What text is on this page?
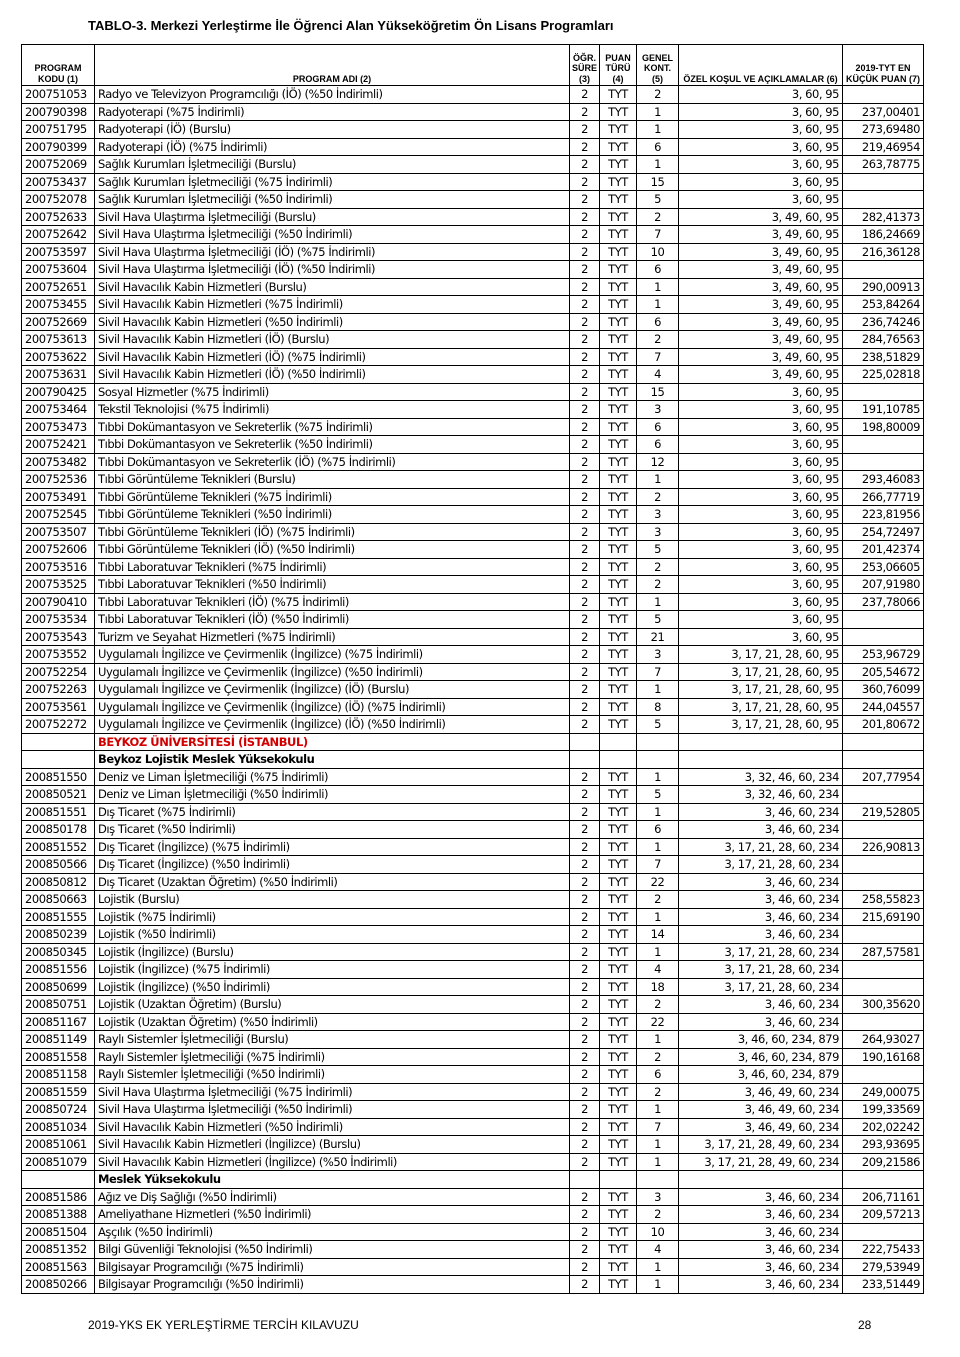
TABLO-3. Merkezi Yerleştirme İle Öğrenci Alan Yükseköğretim Ön Lisans Programları
PROGRAM KODU (1)	PROGRAM ADI (2)	ÖĞR. SÜRE (3)	PUAN TÜRÜ (4)	GENEL KONT. (5)	ÖZEL KOŞUL VE AÇIKLAMALAR (6)	2019-TYT EN KÜÇÜK PUAN (7)
200751053	Radyo ve Televizyon Programcılığı (İÖ) (%50 İndirimli)	2	TYT	2	3, 60, 95	
200790398	Radyoterapi (%75 İndirimli)	2	TYT	1	3, 60, 95	237,00401
200751795	Radyoterapi (İÖ) (Burslu)	2	TYT	1	3, 60, 95	273,69480
200790399	Radyoterapi (İÖ) (%75 İndirimli)	2	TYT	6	3, 60, 95	219,46954
200752069	Sağlık Kurumları İşletmeciliği (Burslu)	2	TYT	1	3, 60, 95	263,78775
200753437	Sağlık Kurumları İşletmeciliği (%75 İndirimli)	2	TYT	15	3, 60, 95	
200752078	Sağlık Kurumları İşletmeciliği (%50 İndirimli)	2	TYT	5	3, 60, 95	
200752633	Sivil Hava Ulaştırma İşletmeciliği (Burslu)	2	TYT	2	3, 49, 60, 95	282,41373
200752642	Sivil Hava Ulaştırma İşletmeciliği (%50 İndirimli)	2	TYT	7	3, 49, 60, 95	186,24669
200753597	Sivil Hava Ulaştırma İşletmeciliği (İÖ) (%75 İndirimli)	2	TYT	10	3, 49, 60, 95	216,36128
200753604	Sivil Hava Ulaştırma İşletmeciliği (İÖ) (%50 İndirimli)	2	TYT	6	3, 49, 60, 95	
200752651	Sivil Havacılık Kabin Hizmetleri (Burslu)	2	TYT	1	3, 49, 60, 95	290,00913
200753455	Sivil Havacılık Kabin Hizmetleri (%75 İndirimli)	2	TYT	1	3, 49, 60, 95	253,84264
200752669	Sivil Havacılık Kabin Hizmetleri (%50 İndirimli)	2	TYT	6	3, 49, 60, 95	236,74246
200753613	Sivil Havacılık Kabin Hizmetleri (İÖ) (Burslu)	2	TYT	2	3, 49, 60, 95	284,76563
200753622	Sivil Havacılık Kabin Hizmetleri (İÖ) (%75 İndirimli)	2	TYT	7	3, 49, 60, 95	238,51829
200753631	Sivil Havacılık Kabin Hizmetleri (İÖ) (%50 İndirimli)	2	TYT	4	3, 49, 60, 95	225,02818
200790425	Sosyal Hizmetler (%75 İndirimli)	2	TYT	15	3, 60, 95	
200753464	Tekstil Teknolojisi (%75 İndirimli)	2	TYT	3	3, 60, 95	191,10785
200753473	Tıbbi Dokümantasyon ve Sekreterlik (%75 İndirimli)	2	TYT	6	3, 60, 95	198,80009
200752421	Tıbbi Dokümantasyon ve Sekreterlik (%50 İndirimli)	2	TYT	6	3, 60, 95	
200753482	Tıbbi Dokümantasyon ve Sekreterlik (İÖ) (%75 İndirimli)	2	TYT	12	3, 60, 95	
200752536	Tıbbi Görüntüleme Teknikleri (Burslu)	2	TYT	1	3, 60, 95	293,46083
200753491	Tıbbi Görüntüleme Teknikleri (%75 İndirimli)	2	TYT	2	3, 60, 95	266,77719
200752545	Tıbbi Görüntüleme Teknikleri (%50 İndirimli)	2	TYT	3	3, 60, 95	223,81956
200753507	Tıbbi Görüntüleme Teknikleri (İÖ) (%75 İndirimli)	2	TYT	3	3, 60, 95	254,72497
200752606	Tıbbi Görüntüleme Teknikleri (İÖ) (%50 İndirimli)	2	TYT	5	3, 60, 95	201,42374
200753516	Tıbbi Laboratuvar Teknikleri (%75 İndirimli)	2	TYT	2	3, 60, 95	253,06605
200753525	Tıbbi Laboratuvar Teknikleri (%50 İndirimli)	2	TYT	2	3, 60, 95	207,91980
200790410	Tıbbi Laboratuvar Teknikleri (İÖ) (%75 İndirimli)	2	TYT	1	3, 60, 95	237,78066
200753534	Tıbbi Laboratuvar Teknikleri (İÖ) (%50 İndirimli)	2	TYT	5	3, 60, 95	
200753543	Turizm ve Seyahat Hizmetleri (%75 İndirimli)	2	TYT	21	3, 60, 95	
200753552	Uygulamalı İngilizce ve Çevirmenlik (İngilizce) (%75 İndirimli)	2	TYT	3	3, 17, 21, 28, 60, 95	253,96729
200752254	Uygulamalı İngilizce ve Çevirmenlik (İngilizce) (%50 İndirimli)	2	TYT	7	3, 17, 21, 28, 60, 95	205,54672
200752263	Uygulamalı İngilizce ve Çevirmenlik (İngilizce) (İÖ) (Burslu)	2	TYT	1	3, 17, 21, 28, 60, 95	360,76099
200753561	Uygulamalı İngilizce ve Çevirmenlik (İngilizce) (İÖ) (%75 İndirimli)	2	TYT	8	3, 17, 21, 28, 60, 95	244,04557
200752272	Uygulamalı İngilizce ve Çevirmenlik (İngilizce) (İÖ) (%50 İndirimli)	2	TYT	5	3, 17, 21, 28, 60, 95	201,80672
	BEYKOZ ÜNİVERSİTESİ (İSTANBUL)					
	Beykoz Lojistik Meslek Yüksekokulu					
200851550	Deniz ve Liman İşletmeciliği (%75 İndirimli)	2	TYT	1	3, 32, 46, 60, 234	207,77954
200850521	Deniz ve Liman İşletmeciliği (%50 İndirimli)	2	TYT	5	3, 32, 46, 60, 234	
200851551	Dış Ticaret (%75 İndirimli)	2	TYT	1	3, 46, 60, 234	219,52805
200850178	Dış Ticaret (%50 İndirimli)	2	TYT	6	3, 46, 60, 234	
200851552	Dış Ticaret (İngilizce) (%75 İndirimli)	2	TYT	1	3, 17, 21, 28, 60, 234	226,90813
200850566	Dış Ticaret (İngilizce) (%50 İndirimli)	2	TYT	7	3, 17, 21, 28, 60, 234	
200850812	Dış Ticaret (Uzaktan Öğretim) (%50 İndirimli)	2	TYT	22	3, 46, 60, 234	
200850663	Lojistik (Burslu)	2	TYT	2	3, 46, 60, 234	258,55823
200851555	Lojistik (%75 İndirimli)	2	TYT	1	3, 46, 60, 234	215,69190
200850239	Lojistik (%50 İndirimli)	2	TYT	14	3, 46, 60, 234	
200850345	Lojistik (İngilizce) (Burslu)	2	TYT	1	3, 17, 21, 28, 60, 234	287,57581
200851556	Lojistik (İngilizce) (%75 İndirimli)	2	TYT	4	3, 17, 21, 28, 60, 234	
200850699	Lojistik (İngilizce) (%50 İndirimli)	2	TYT	18	3, 17, 21, 28, 60, 234	
200850751	Lojistik (Uzaktan Öğretim) (Burslu)	2	TYT	2	3, 46, 60, 234	300,35620
200851167	Lojistik (Uzaktan Öğretim) (%50 İndirimli)	2	TYT	22	3, 46, 60, 234	
200851149	Raylı Sistemler İşletmeciliği (Burslu)	2	TYT	1	3, 46, 60, 234, 879	264,93027
200851558	Raylı Sistemler İşletmeciliği (%75 İndirimli)	2	TYT	2	3, 46, 60, 234, 879	190,16168
200851158	Raylı Sistemler İşletmeciliği (%50 İndirimli)	2	TYT	6	3, 46, 60, 234, 879	
200851559	Sivil Hava Ulaştırma İşletmeciliği (%75 İndirimli)	2	TYT	2	3, 46, 49, 60, 234	249,00075
200850724	Sivil Hava Ulaştırma İşletmeciliği (%50 İndirimli)	2	TYT	1	3, 46, 49, 60, 234	199,33569
200851034	Sivil Havacılık Kabin Hizmetleri (%50 İndirimli)	2	TYT	7	3, 46, 49, 60, 234	202,02242
200851061	Sivil Havacılık Kabin Hizmetleri (İngilizce) (Burslu)	2	TYT	1	3, 17, 21, 28, 49, 60, 234	293,93695
200851079	Sivil Havacılık Kabin Hizmetleri (İngilizce) (%50 İndirimli)	2	TYT	1	3, 17, 21, 28, 49, 60, 234	209,21586
	Meslek Yüksekokulu					
200851586	Ağız ve Diş Sağlığı (%50 İndirimli)	2	TYT	3	3, 46, 60, 234	206,71161
200851388	Ameliyathane Hizmetleri (%50 İndirimli)	2	TYT	2	3, 46, 60, 234	209,57213
200851504	Aşçılık (%50 İndirimli)	2	TYT	10	3, 46, 60, 234	
200851352	Bilgi Güvenliği Teknolojisi (%50 İndirimli)	2	TYT	4	3, 46, 60, 234	222,75433
200851563	Bilgisayar Programcılığı (%75 İndirimli)	2	TYT	1	3, 46, 60, 234	279,53949
200850266	Bilgisayar Programcılığı (%50 İndirimli)	2	TYT	1	3, 46, 60, 234	233,51449
2019-YKS EK YERLEŞTİRME TERCİH KILAVUZU	28
